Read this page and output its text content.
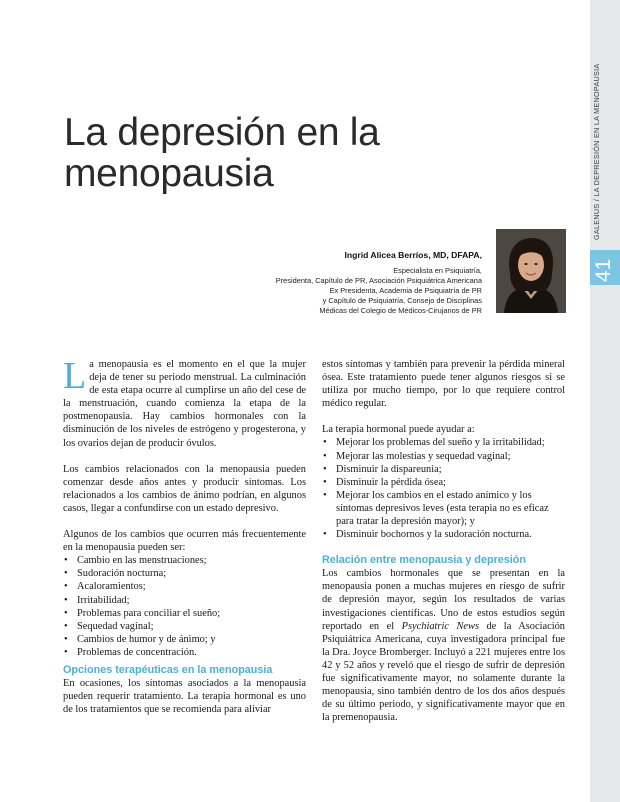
GALENUS / LA DEPRESIÓN EN LA MENOPAUSIA
41
La depresión en la
menopausia
Ingrid Alicea Berríos, MD, DFAPA,
Especialista en Psiquiatría,
Presidenta, Capítulo de PR, Asociación Psiquiátrica Americana
Ex Presidenta, Academia de Psiquiatría de PR
y Capítulo de Psiquiatría, Consejo de Disciplinas
Médicas del Colegio de Médicos-Cirujanos de PR

La menopausia es el momento en el que la mujer deja de tener su periodo menstrual. La culminación de esta etapa ocurre al cumplirse un año del cese de la menstruación, cuando comienza la etapa de la postmenopausia. Hay cambios hormonales con la disminución de los niveles de estrógeno y progesterona, y los ovarios dejan de producir óvulos.

Los cambios relacionados con la menopausia pueden comenzar desde años antes y producir síntomas. Los relacionados a los cambios de ánimo podrían, en algunos casos, llegar a confundirse con un estado depresivo.

Algunos de los cambios que ocurren más frecuentemente en la menopausia pueden ser:

• Cambio en las menstruaciones;
• Sudoración nocturna;
• Acaloramientos;
• Irritabilidad;
• Problemas para conciliar el sueño;
• Sequedad vaginal;
• Cambios de humor y de ánimo; y
• Problemas de concentración.
Opciones terapéuticas en la menopausia

En ocasiones, los síntomas asociados a la menopausia pueden requerir tratamiento. La terapia hormonal es uno de los tratamientos que se recomienda para aliviar

estos síntomas y también para prevenir la pérdida mineral ósea. Este tratamiento puede tener algunos riesgos si se utiliza por mucho tiempo, por lo que requiere control médico regular.

La terapia hormonal puede ayudar a:

• Mejorar los problemas del sueño y la irritabilidad;
• Mejorar las molestias y sequedad vaginal;
• Disminuir la dispareunia;
• Disminuir la pérdida ósea;
• Mejorar los cambios en el estado anímico y los síntomas depresivos leves (esta terapia no es eficaz para tratar la depresión mayor); y
• Disminuir bochornos y la sudoración nocturna.
Relación entre menopausia y depresión

Los cambios hormonales que se presentan en la menopausia ponen a muchas mujeres en riesgo de sufrir de depresión mayor, según los resultados de varias investigaciones científicas. Uno de estos estudios según reportado en el Psychiatric News de la Asociación Psiquiátrica Americana, cuya investigadora principal fue la Dra. Joyce Bromberger. Incluyó a 221 mujeres entre los 42 y 52 años y reveló que el riesgo de sufrir de depresión fue significativamente mayor, no solamente durante la menopausia, sino también dentro de los dos años después de su último periodo, y significativamente mayor que en la premenopausia.
